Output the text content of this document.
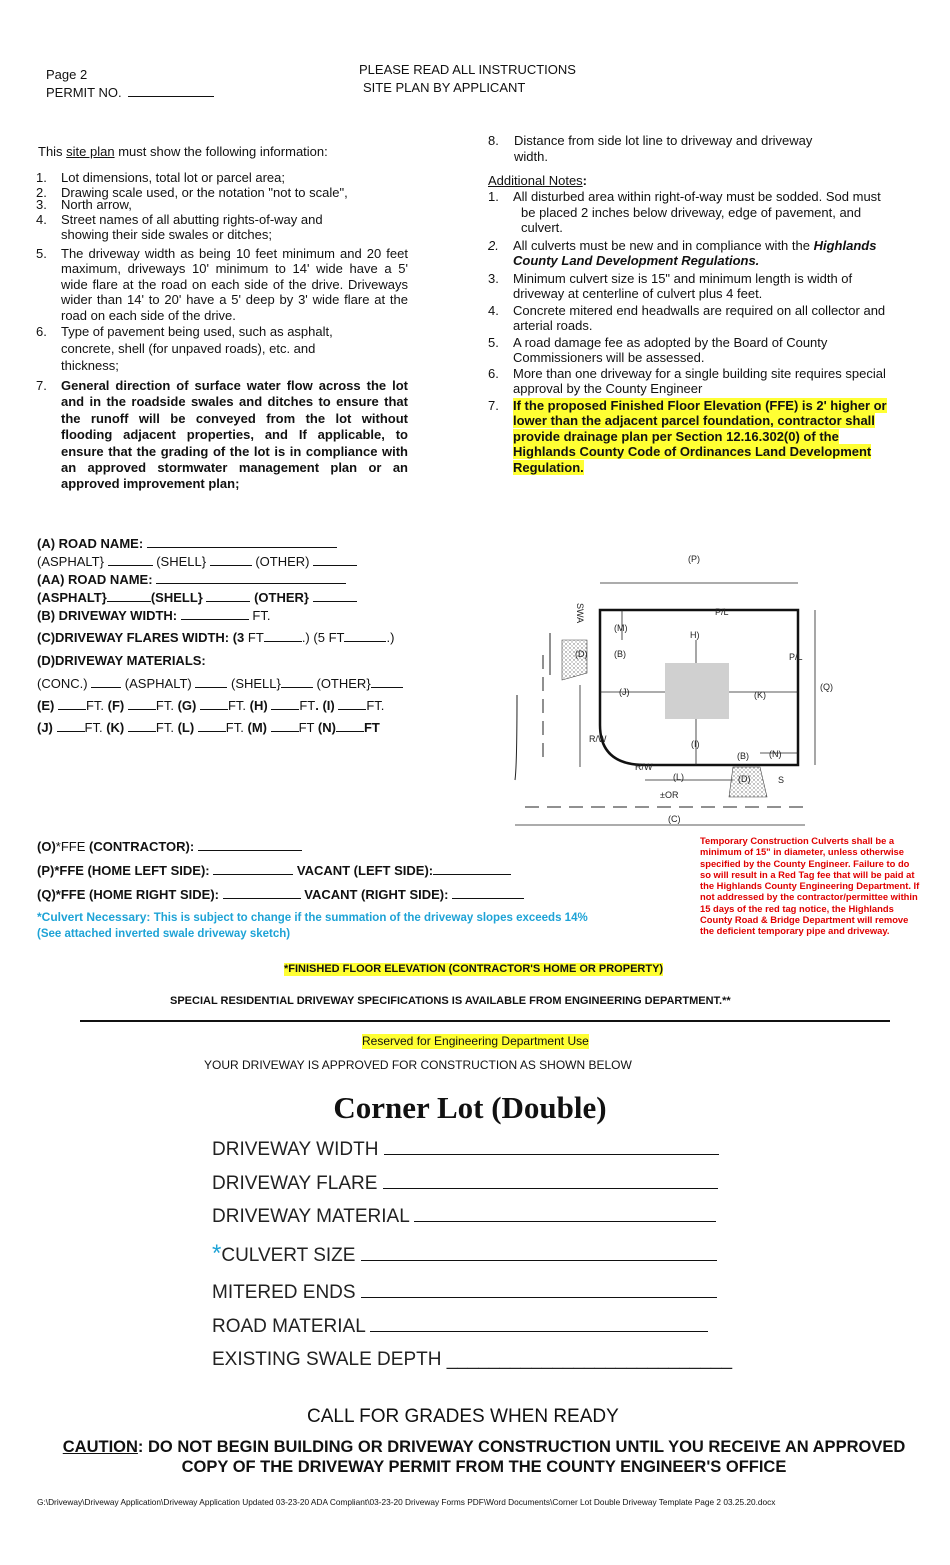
Page 2
PERMIT NO.
PLEASE READ ALL INSTRUCTIONS
SITE PLAN BY APPLICANT
This site plan must show the following information:
1. Lot dimensions, total lot or parcel area;
2. Drawing scale used, or the notation "not to scale",
3. North arrow,
4. Street names of all abutting rights-of-way and showing their side swales or ditches;
5. The driveway width as being 10 feet minimum and 20 feet maximum, driveways 10' minimum to 14' wide have a 5' wide flare at the road on each side of the drive. Driveways wider than 14' to 20' have a 5' deep by 3' wide flare at the road on each side of the drive.
6. Type of pavement being used, such as asphalt, concrete, shell (for unpaved roads), etc. and thickness;
7. General direction of surface water flow across the lot and in the roadside swales and ditches to ensure that the runoff will be conveyed from the lot without flooding adjacent properties, and If applicable, to ensure that the grading of the lot is in compliance with an approved stormwater management plan or an approved improvement plan;
8.	Distance from side lot line to driveway and driveway width.
Additional Notes:
1. All disturbed area within right-of-way must be sodded. Sod must be placed 2 inches below driveway, edge of pavement, and culvert.
2. All culverts must be new and in compliance with the Highlands County Land Development Regulations.
3. Minimum culvert size is 15" and minimum length is width of driveway at centerline of culvert plus 4 feet.
4. Concrete mitered end headwalls are required on all collector and arterial roads.
5. A road damage fee as adopted by the Board of County Commissioners will be assessed.
6. More than one driveway for a single building site requires special approval by the County Engineer
7. If the proposed Finished Floor Elevation (FFE) is 2' higher or lower than the adjacent parcel foundation, contractor shall provide drainage plan per Section 12.16.302(0) of the Highlands County Code of Ordinances Land Development Regulation.
(A) ROAD NAME:
(ASPHALT}	(SHELL}	(OTHER)
(AA) ROAD NAME:
(ASPHALT}	(SHELL}	(OTHER}
(B) DRIVEWAY WIDTH:	FT.
(C)DRIVEWAY FLARES WIDTH: (3 FT	.) (5 FT	.)
(D)DRIVEWAY MATERIALS:
(CONC.)	(ASPHALT)	(SHELL}	(OTHER}
(E) FT. (F) FT. (G) FT. (H) FT. (I) FT.
(J) FT. (K) FT. (L) FT. (M) FT (N) FT
(P)
P/L
P/L
(Q)
SWA
(M)
(D)	(B)
H)
(J)	(K)
(I)
R/W
R/W
(B) (N)
(L)	(D)	S
±OR
(C)
(O)*FFE (CONTRACTOR):
(P)*FFE (HOME LEFT SIDE):	VACANT (LEFT SIDE):
(Q)*FFE (HOME RIGHT SIDE):	VACANT (RIGHT SIDE):
*Culvert Necessary: This is subject to change if the summation of the driveway slopes exceeds 14%
(See attached inverted swale driveway sketch)
Temporary Construction Culverts shall be a minimum of 15" in diameter, unless otherwise specified by the County Engineer. Failure to do so will result in a Red Tag fee that will be paid at the Highlands County Engineering Department. If not addressed by the contractor/permittee within 15 days of the red tag notice, the Highlands County Road & Bridge Department will remove the deficient temporary pipe and driveway.
*FINISHED FLOOR ELEVATION (CONTRACTOR'S HOME OR PROPERTY)
SPECIAL RESIDENTIAL DRIVEWAY SPECIFICATIONS IS AVAILABLE FROM ENGINEERING DEPARTMENT.**
Reserved for Engineering Department Use
YOUR DRIVEWAY IS APPROVED FOR CONSTRUCTION AS SHOWN BELOW
Corner Lot (Double)
DRIVEWAY WIDTH
DRIVEWAY FLARE
DRIVEWAY MATERIAL
*CULVERT SIZE
MITERED ENDS
ROAD MATERIAL
EXISTING SWALE DEPTH ___________________________
CALL FOR GRADES WHEN READY
CAUTION: DO NOT BEGIN BUILDING OR DRIVEWAY CONSTRUCTION UNTIL YOU RECEIVE AN APPROVED
COPY OF THE DRIVEWAY PERMIT FROM THE COUNTY ENGINEER'S OFFICE
G:\Driveway\Driveway Application\Driveway Application Updated 03-23-20 ADA Compliant\03-23-20 Driveway Forms PDF\Word Documents\Corner Lot Double Driveway Template Page 2 03.25.20.docx
